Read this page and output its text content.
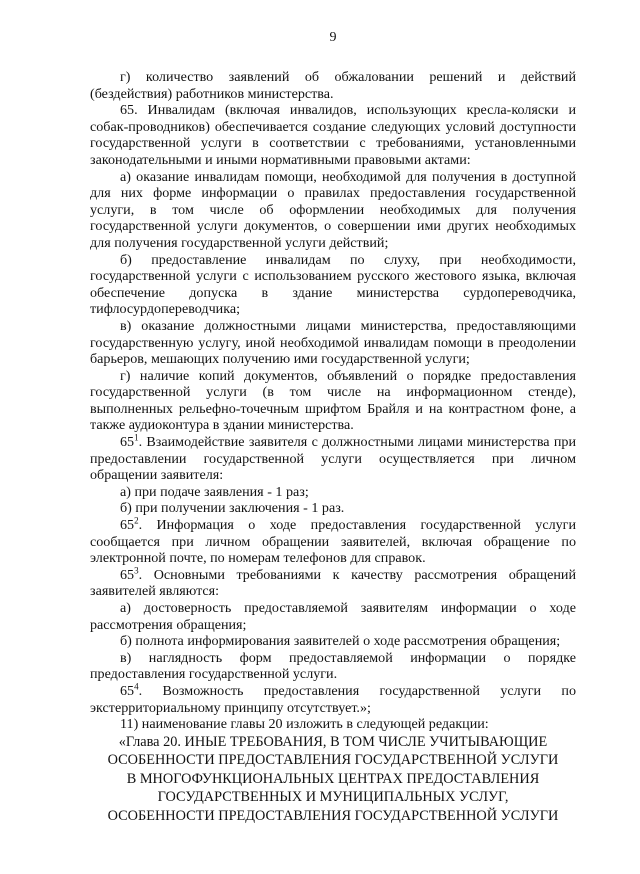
9

г) количество заявлений об обжаловании решений и действий (бездействия) работников министерства.

65. Инвалидам (включая инвалидов, использующих кресла-коляски и собак-проводников) обеспечивается создание следующих условий доступности государственной услуги в соответствии с требованиями, установленными законодательными и иными нормативными правовыми актами:

а) оказание инвалидам помощи, необходимой для получения в доступной для них форме информации о правилах предоставления государственной услуги, в том числе об оформлении необходимых для получения государственной услуги документов, о совершении ими других необходимых для получения государственной услуги действий;

б) предоставление инвалидам по слуху, при необходимости, государственной услуги с использованием русского жестового языка, включая обеспечение допуска в здание министерства сурдопереводчика, тифлосурдопереводчика;

в) оказание должностными лицами министерства, предоставляющими государственную услугу, иной необходимой инвалидам помощи в преодолении барьеров, мешающих получению ими государственной услуги;

г) наличие копий документов, объявлений о порядке предоставления государственной услуги (в том числе на информационном стенде), выполненных рельефно-точечным шрифтом Брайля и на контрастном фоне, а также аудиоконтура в здании министерства.

$65^1$. Взаимодействие заявителя с должностными лицами министерства при предоставлении государственной услуги осуществляется при личном обращении заявителя:

а) при подаче заявления - 1 раз;

б) при получении заключения - 1 раз.

$65^2$. Информация о ходе предоставления государственной услуги сообщается при личном обращении заявителей, включая обращение по электронной почте, по номерам телефонов для справок.

$65^3$. Основными требованиями к качеству рассмотрения обращений заявителей являются:

а) достоверность предоставляемой заявителям информации о ходе рассмотрения обращения;

б) полнота информирования заявителей о ходе рассмотрения обращения;

в) наглядность форм предоставляемой информации о порядке предоставления государственной услуги.

$65^4$. Возможность предоставления государственной услуги по экстерриториальному принципу отсутствует.»;

11) наименование главы 20 изложить в следующей редакции:

«Глава 20. ИНЫЕ ТРЕБОВАНИЯ, В ТОМ ЧИСЛЕ УЧИТЫВАЮЩИЕ
ОСОБЕННОСТИ ПРЕДОСТАВЛЕНИЯ ГОСУДАРСТВЕННОЙ УСЛУГИ
В МНОГОФУНКЦИОНАЛЬНЫХ ЦЕНТРАХ ПРЕДОСТАВЛЕНИЯ
ГОСУДАРСТВЕННЫХ И МУНИЦИПАЛЬНЫХ УСЛУГ,
ОСОБЕННОСТИ ПРЕДОСТАВЛЕНИЯ ГОСУДАРСТВЕННОЙ УСЛУГИ
